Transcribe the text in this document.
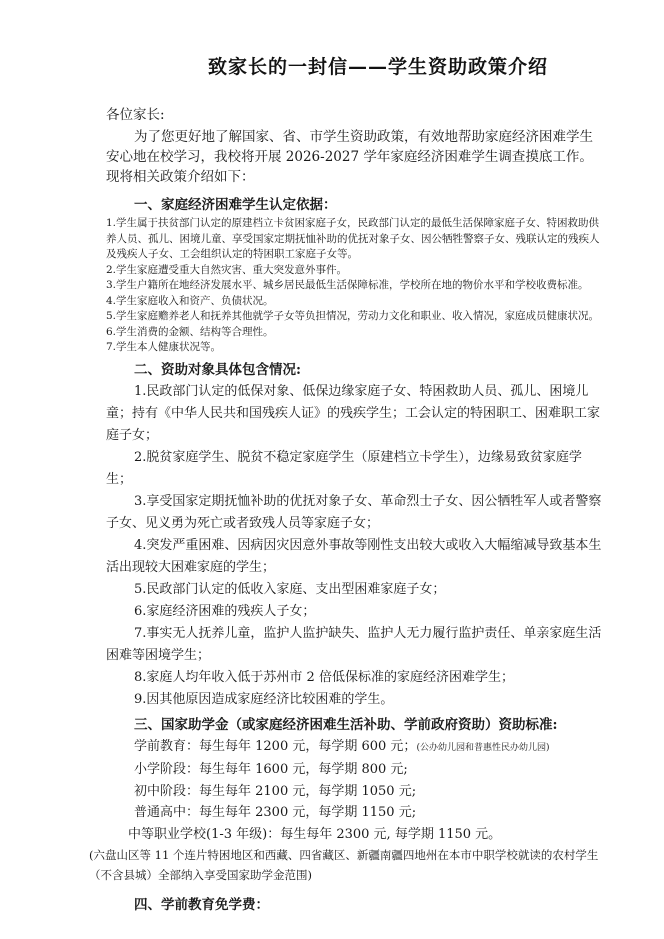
致家长的一封信——学生资助政策介绍
各位家长:
为了您更好地了解国家、省、市学生资助政策，有效地帮助家庭经济困难学生安心地在校学习，我校将开展 2026-2027 学年家庭经济困难学生调查摸底工作。现将相关政策介绍如下：
一、家庭经济困难学生认定依据：
1.学生属于扶贫部门认定的原建档立卡贫困家庭子女，民政部门认定的最低生活保障家庭子女、特困救助供养人员、孤儿、困境儿童、享受国家定期抚恤补助的优抚对象子女、因公牺牲警察子女、残联认定的残疾人及残疾人子女、工会组织认定的特困职工家庭子女等。
2.学生家庭遭受重大自然灾害、重大突发意外事件。
3.学生户籍所在地经济发展水平、城乡居民最低生活保障标准，学校所在地的物价水平和学校收费标准。
4.学生家庭收入和资产、负债状况。
5.学生家庭赡养老人和抚养其他就学子女等负担情况，劳动力文化和职业、收入情况，家庭成员健康状况。
6.学生消费的金额、结构等合理性。
7.学生本人健康状况等。
二、资助对象具体包含情况:
1.民政部门认定的低保对象、低保边缘家庭子女、特困救助人员、孤儿、困境儿童；持有《中华人民共和国残疾人证》的残疾学生；工会认定的特困职工、困难职工家庭子女；
2.脱贫家庭学生、脱贫不稳定家庭学生（原建档立卡学生），边缘易致贫家庭学生；
3.享受国家定期抚恤补助的优抚对象子女、革命烈士子女、因公牺牲军人或者警察子女、见义勇为死亡或者致残人员等家庭子女；
4.突发严重困难、因病因灾因意外事故等刚性支出较大或收入大幅缩减导致基本生活出现较大困难家庭的学生；
5.民政部门认定的低收入家庭、支出型困难家庭子女；
6.家庭经济困难的残疾人子女；
7.事实无人抚养儿童，监护人监护缺失、监护人无力履行监护责任、单亲家庭生活困难等困境学生；
8.家庭人均年收入低于苏州市 2 倍低保标准的家庭经济困难学生；
9.因其他原因造成家庭经济比较困难的学生。
三、国家助学金（或家庭经济困难生活补助、学前政府资助）资助标准:
学前教育：每生每年 1200 元，每学期 600 元；(公办幼儿园和普惠性民办幼儿园)
小学阶段：每生每年 1600 元，每学期 800 元;
初中阶段：每生每年 2100 元，每学期 1050 元;
普通高中：每生每年 2300 元，每学期 1150 元;
中等职业学校(1-3 年级)：每生每年 2300 元, 每学期 1150 元。
(六盘山区等 11 个连片特困地区和西藏、四省藏区、新疆南疆四地州在本市中职学校就读的农村学生（不含县城）全部纳入享受国家助学金范围)
四、学前教育免学费：
